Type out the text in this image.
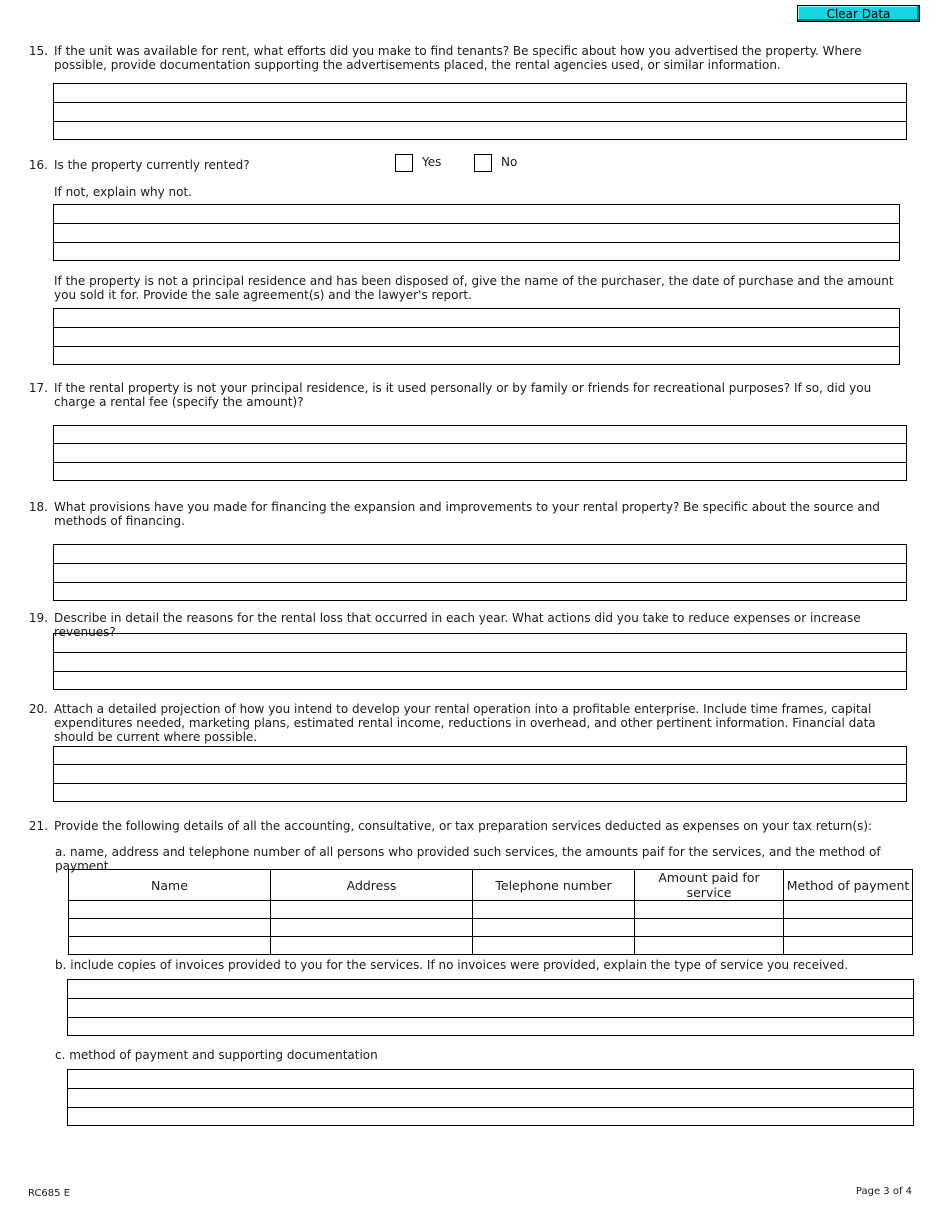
Clear Data
15. If the unit was available for rent, what efforts did you make to find tenants? Be specific about how you advertised the property. Where possible, provide documentation supporting the advertisements placed, the rental agencies used, or similar information.
16. Is the property currently rented?	Yes	No
If not, explain why not.
If the property is not a principal residence and has been disposed of, give the name of the purchaser, the date of purchase and the amount you sold it for. Provide the sale agreement(s) and the lawyer's report.
17. If the rental property is not your principal residence, is it used personally or by family or friends for recreational purposes? If so, did you charge a rental fee (specify the amount)?
18. What provisions have you made for financing the expansion and improvements to your rental property? Be specific about the source and methods of financing.
19. Describe in detail the reasons for the rental loss that occurred in each year. What actions did you take to reduce expenses or increase revenues?
20. Attach a detailed projection of how you intend to develop your rental operation into a profitable enterprise. Include time frames, capital expenditures needed, marketing plans, estimated rental income, reductions in overhead, and other pertinent information. Financial data should be current where possible.
21. Provide the following details of all the accounting, consultative, or tax preparation services deducted as expenses on your tax return(s):
a. name, address and telephone number of all persons who provided such services, the amounts paif for the services, and the method of payment
Name	Address	Telephone number	Amount paid for service	Method of payment

b. include copies of invoices provided to you for the services. If no invoices were provided, explain the type of service you received.
c. method of payment and supporting documentation
RC685 E	Page 3 of 4
